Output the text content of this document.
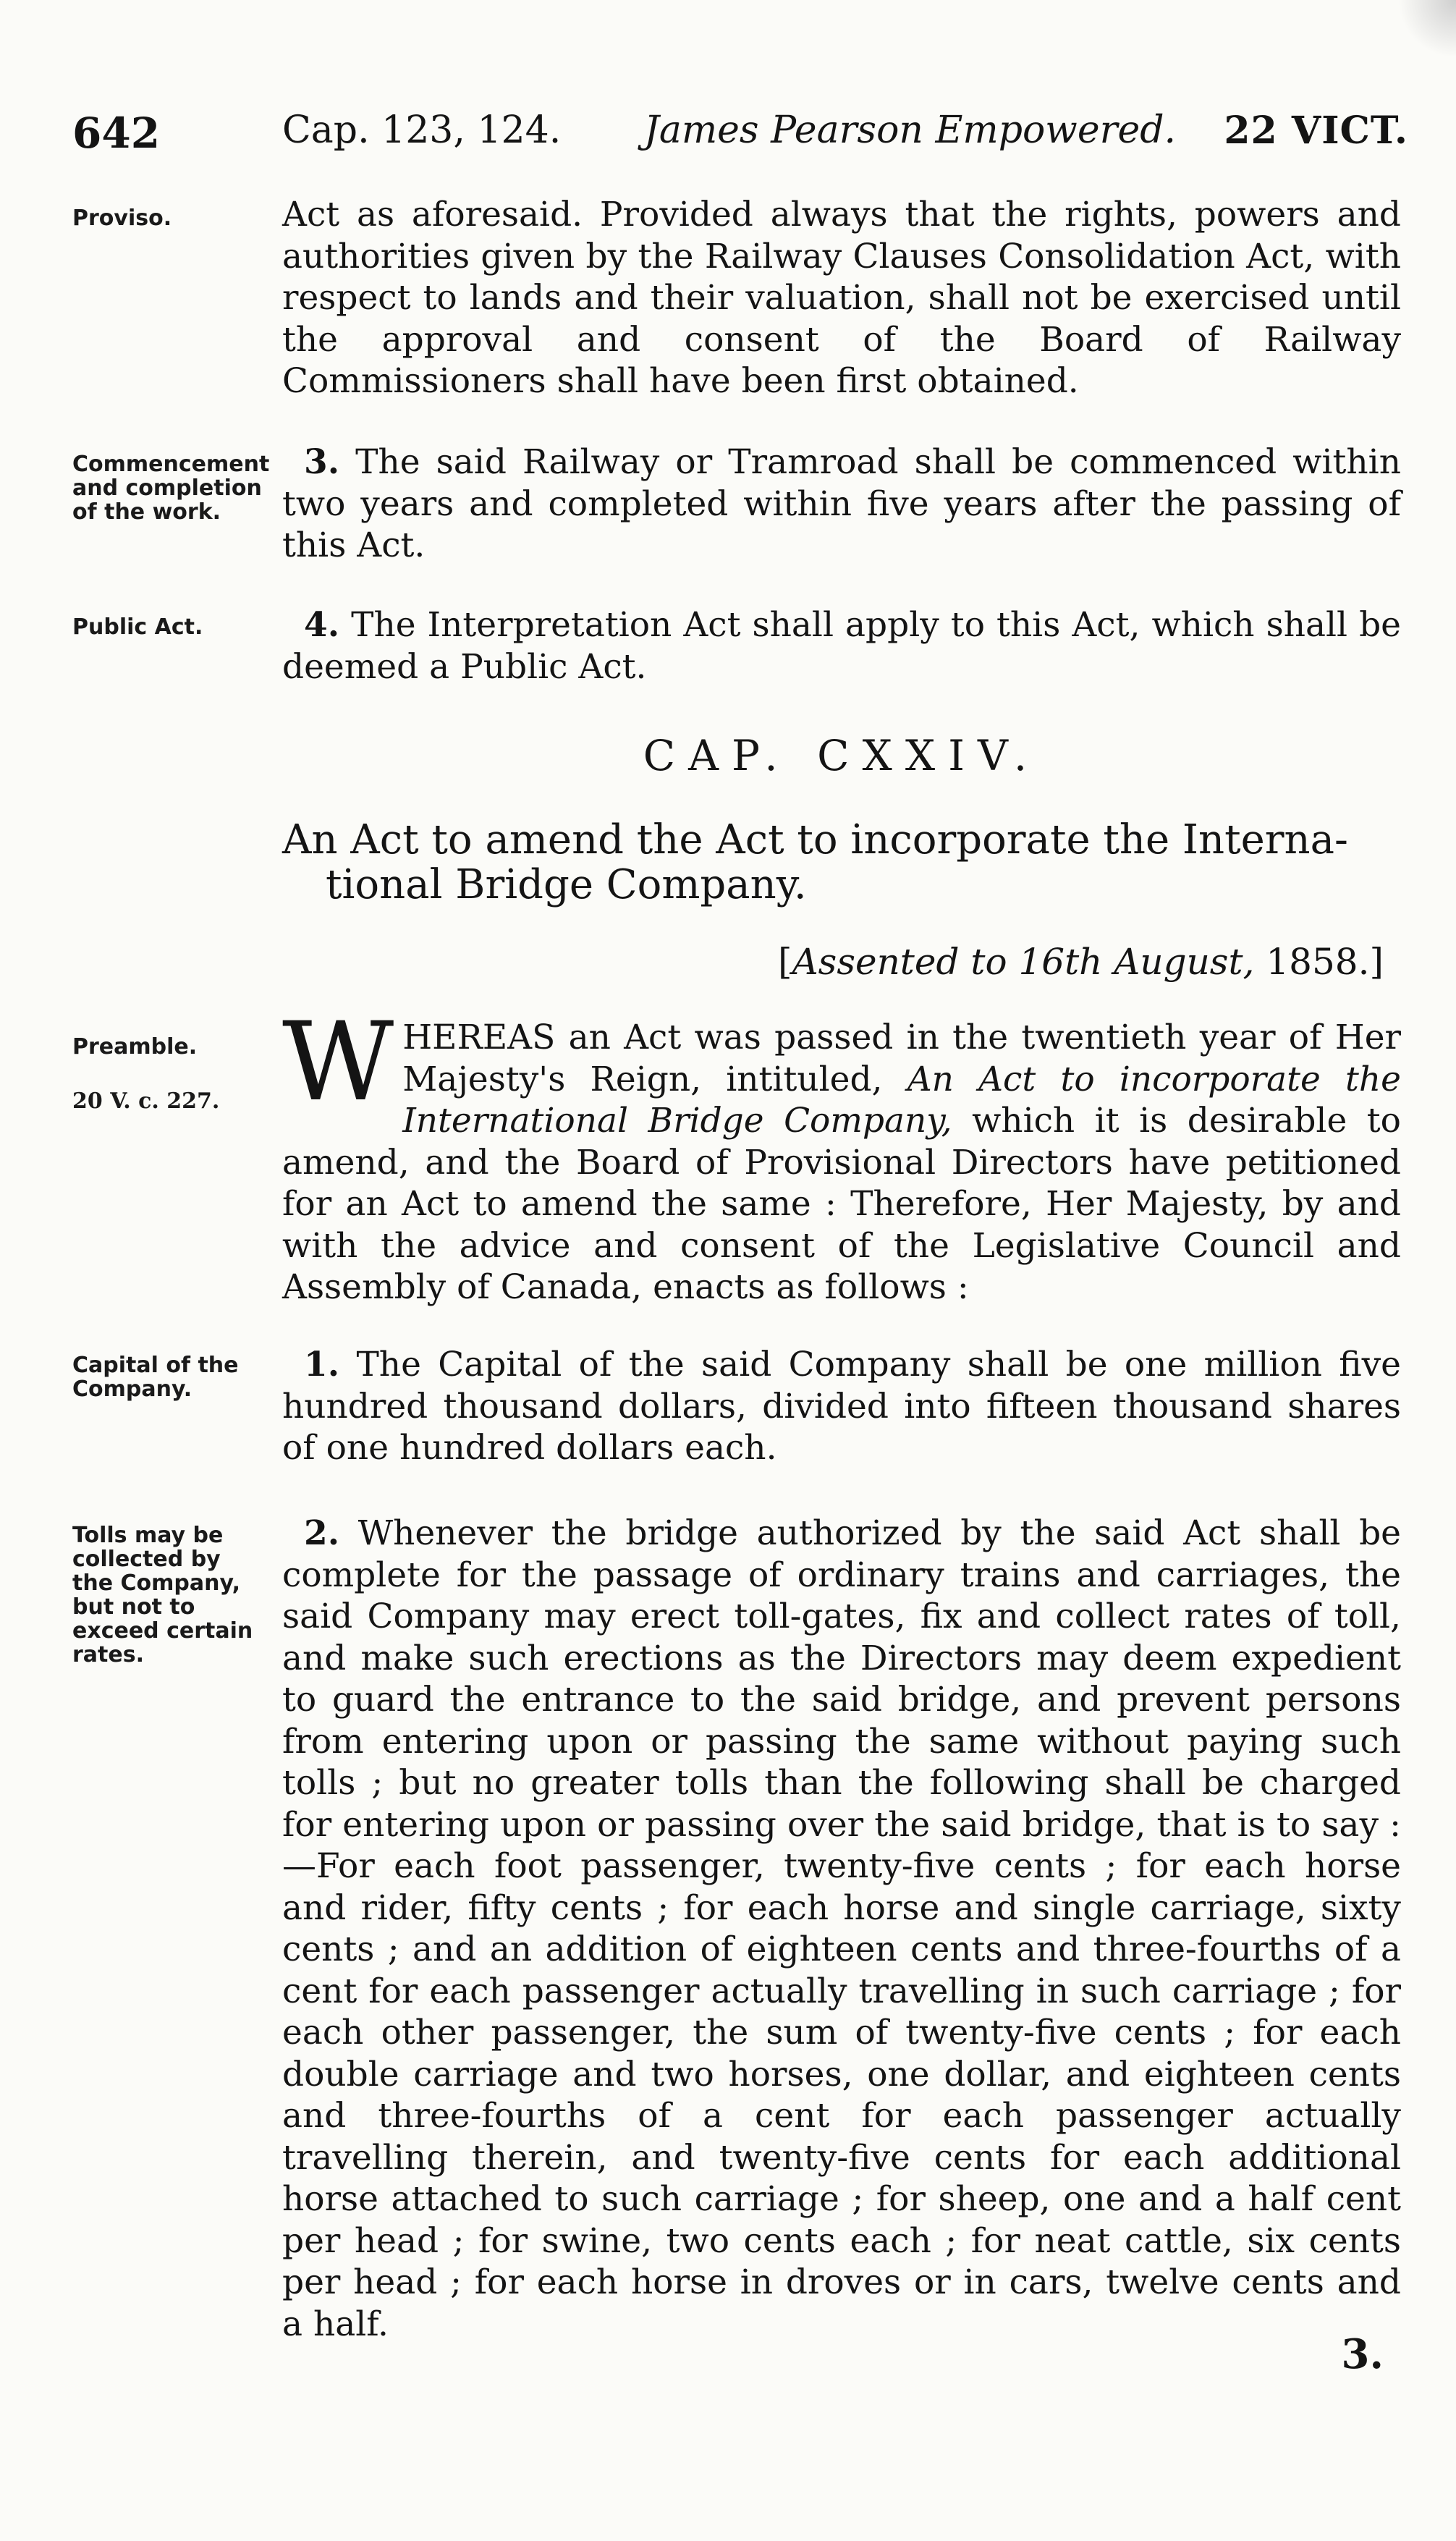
642	Cap. 123, 124. James Pearson Empowered. 22 VICT.
Proviso.	Act as aforesaid. Provided always that the rights, powers and authorities given by the Railway Clauses Consolidation Act, with respect to lands and their valuation, shall not be exercised until the approval and consent of the Board of Railway Commissioners shall have been first obtained.
Commencement and completion of the work.
3. The said Railway or Tramroad shall be commenced within two years and completed within five years after the passing of this Act.
Public Act.	4. The Interpretation Act shall apply to this Act, which shall be deemed a Public Act.
CAP. CXXIV.
An Act to amend the Act to incorporate the Interna-
tional Bridge Company.
[Assented to 16th August, 1858.]
Preamble.
20 V. c. 227. W HEREAS an Act was passed in the twentieth year of Her Majesty's Reign, intituled, An Act to incorporate the International Bridge Company, which it is desirable to amend, and the Board of Provisional Directors have petitioned for an Act to amend the same : Therefore, Her Majesty, by and with the advice and consent of the Legislative Council and Assembly of Canada, enacts as follows :
Capital of the Company.
1. The Capital of the said Company shall be one million five hundred thousand dollars, divided into fifteen thousand shares of one hundred dollars each.
Tolls may be collected by the Company, but not to exceed certain rates.
2. Whenever the bridge authorized by the said Act shall be complete for the passage of ordinary trains and carriages, the said Company may erect toll-gates, fix and collect rates of toll, and make such erections as the Directors may deem expedient to guard the entrance to the said bridge, and prevent persons from entering upon or passing the same without paying such tolls ; but no greater tolls than the following shall be charged for entering upon or passing over the said bridge, that is to say :—For each foot passenger, twenty-five cents ; for each horse and rider, fifty cents ; for each horse and single carriage, sixty cents ; and an addition of eighteen cents and three-fourths of a cent for each passenger actually travelling in such carriage ; for each other passenger, the sum of twenty-five cents ; for each double carriage and two horses, one dollar, and eighteen cents and three-fourths of a cent for each passenger actually travelling therein, and twenty-five cents for each additional horse attached to such carriage ; for sheep, one and a half cent per head ; for swine, two cents each ; for neat cattle, six cents per head ; for each horse in droves or in cars, twelve cents and a half.
3.
